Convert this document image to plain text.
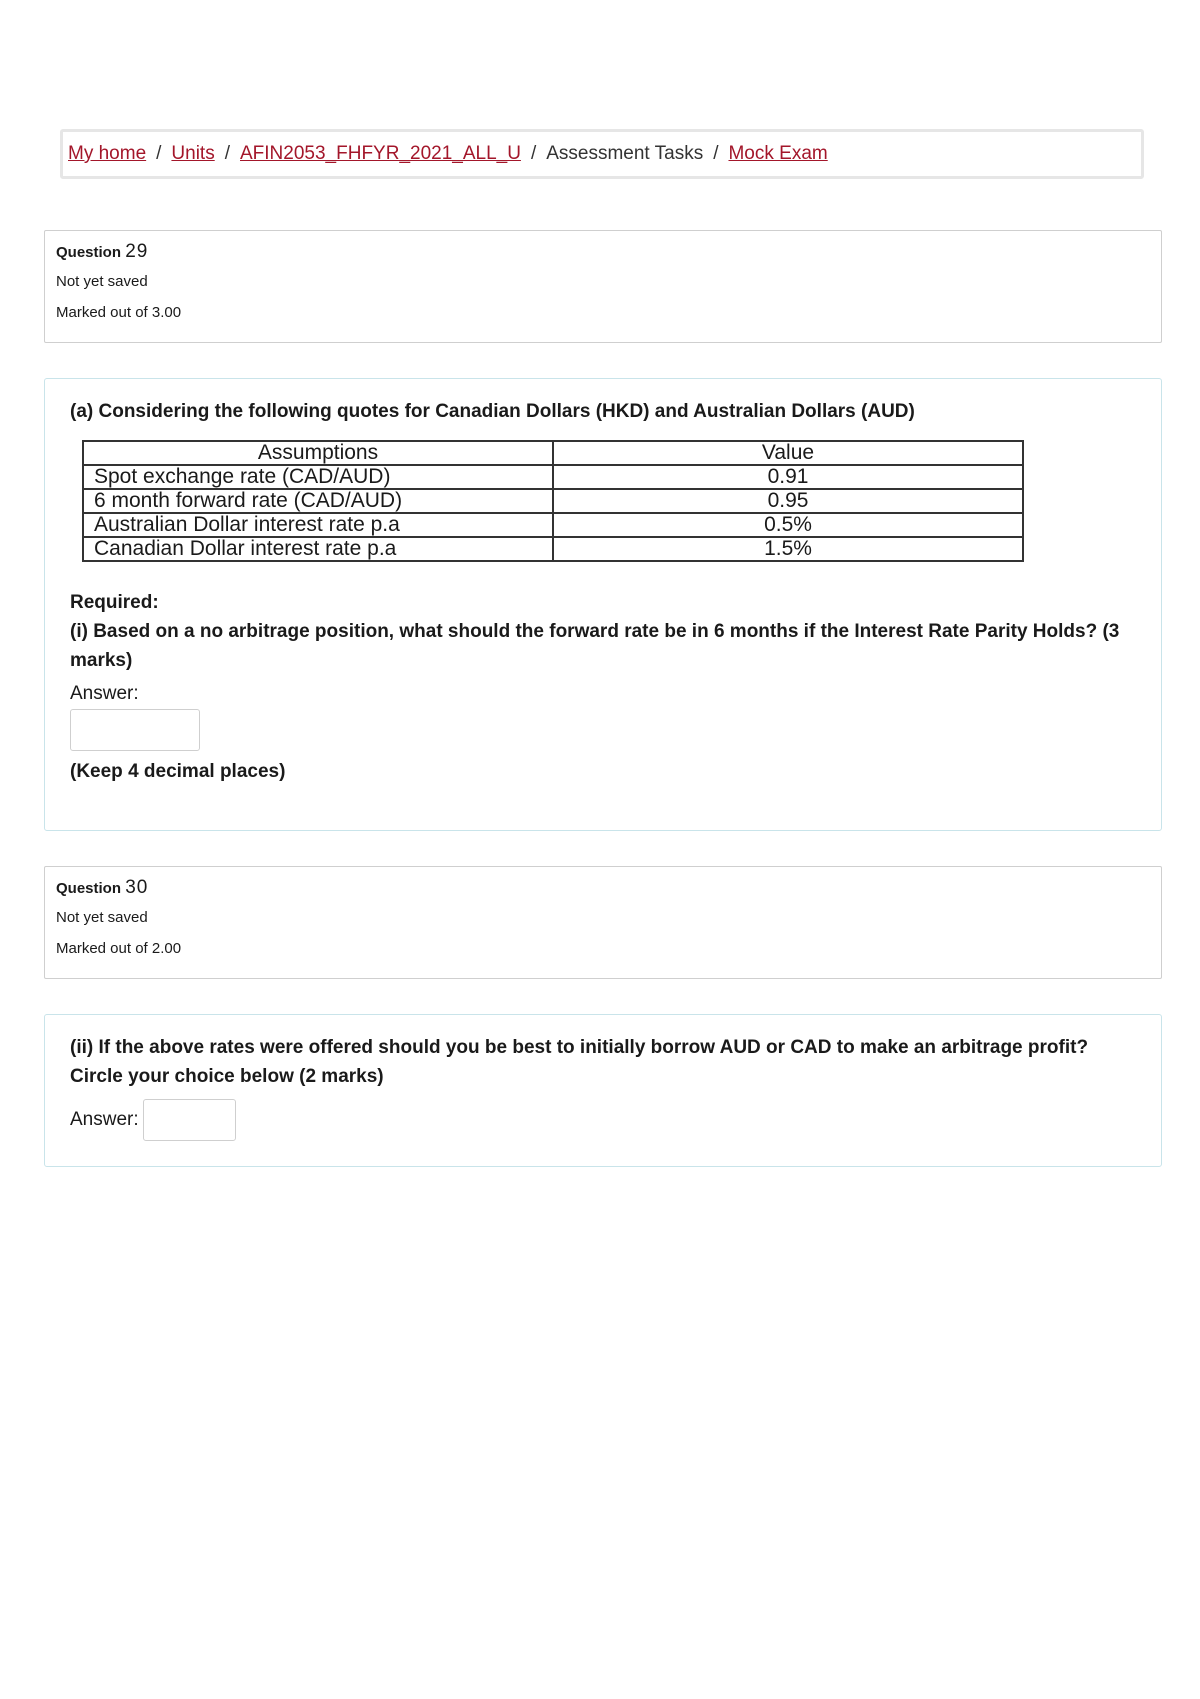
My home / Units / AFIN2053_FHFYR_2021_ALL_U / Assessment Tasks / Mock Exam
Question 29
Not yet saved
Marked out of 3.00
(a) Considering the following quotes for Canadian Dollars (HKD) and Australian Dollars (AUD)
Assumptions	Value
Spot exchange rate (CAD/AUD)	0.91
6 month forward rate (CAD/AUD)	0.95
Australian Dollar interest rate p.a	0.5%
Canadian Dollar interest rate p.a	1.5%
Required:
(i) Based on a no arbitrage position, what should the forward rate be in 6 months if the Interest Rate Parity Holds? (3 marks)
Answer:
(Keep 4 decimal places)
Question 30
Not yet saved
Marked out of 2.00
(ii) If the above rates were offered should you be best to initially borrow AUD or CAD to make an arbitrage profit? Circle your choice below (2 marks)
Answer:
